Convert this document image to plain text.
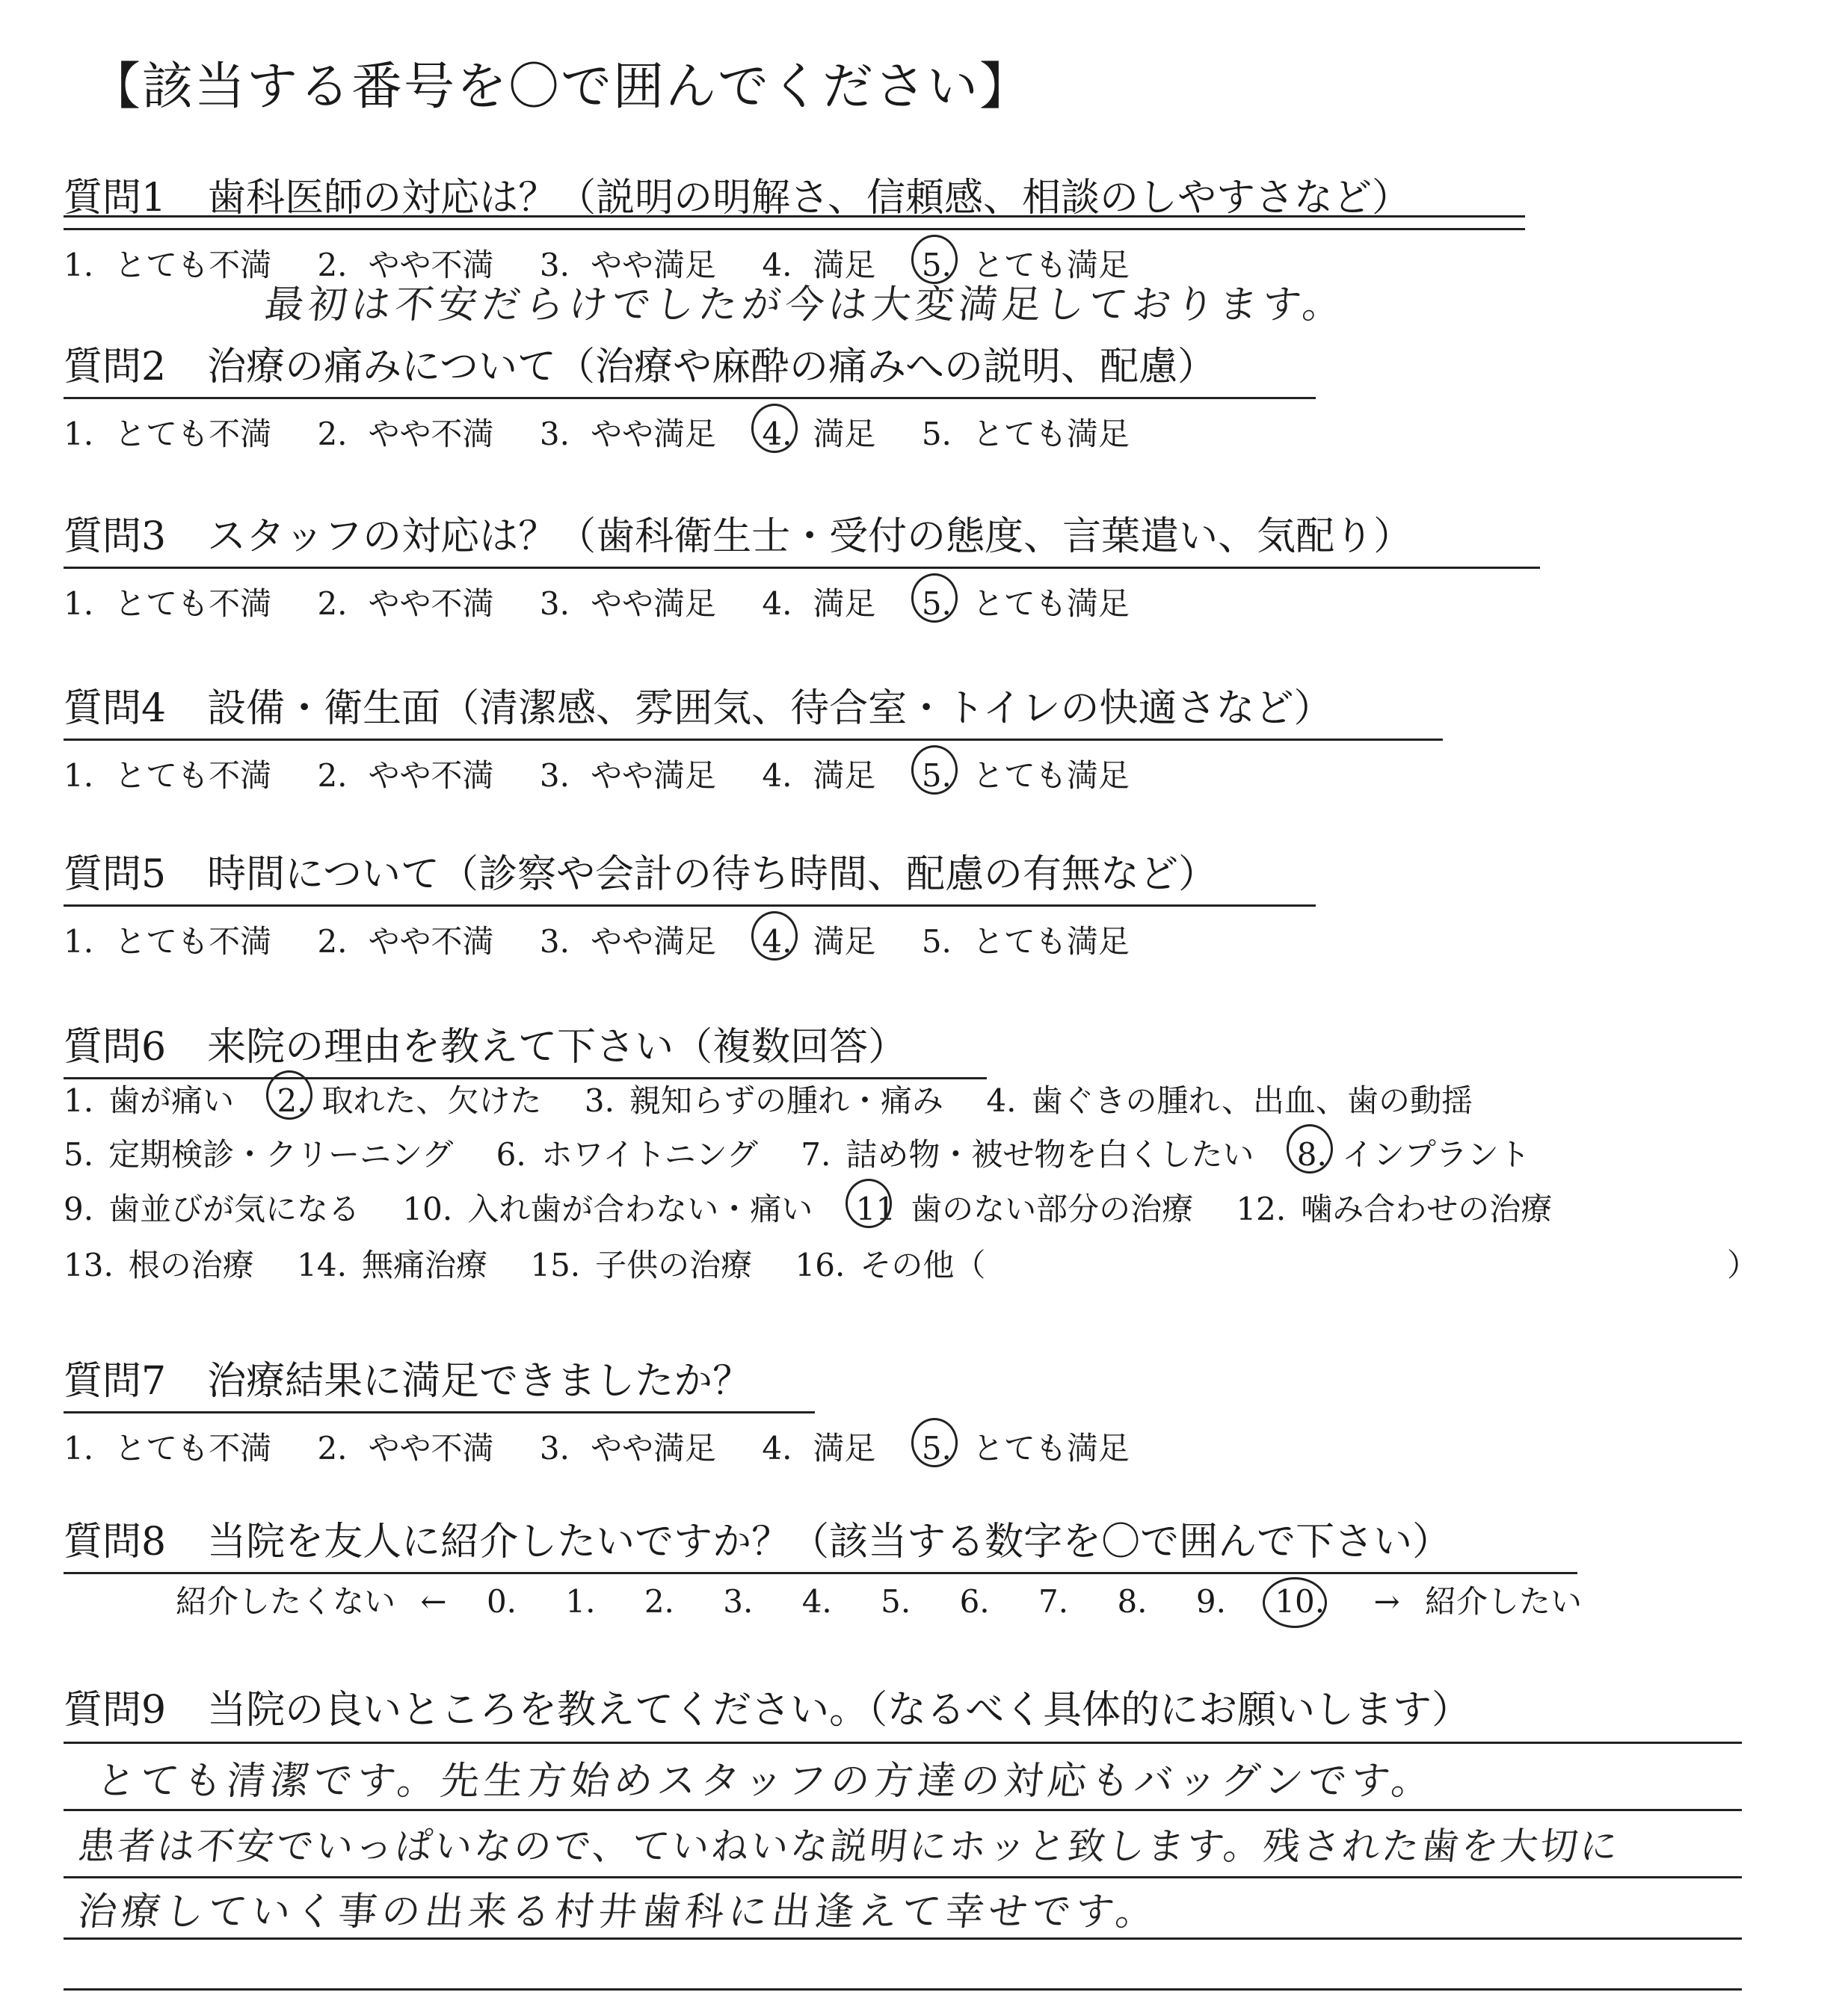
【該当する番号を〇で囲んでください】
質問1 歯科医師の対応は？（説明の明解さ、信頼感、相談のしやすさなど）
1. とても不満 2. やや不満 3. やや満足 4. 満足 5. とても満足
最初は不安だらけでしたが今は大変満足しております。
質問2 治療の痛みについて（治療や麻酔の痛みへの説明、配慮）
1. とても不満 2. やや不満 3. やや満足 4. 満足 5. とても満足
質問3 スタッフの対応は？（歯科衛生士・受付の態度、言葉遣い、気配り）
1. とても不満 2. やや不満 3. やや満足 4. 満足 5. とても満足
質問4 設備・衛生面（清潔感、雰囲気、待合室・トイレの快適さなど）
1. とても不満 2. やや不満 3. やや満足 4. 満足 5. とても満足
質問5 時間について（診察や会計の待ち時間、配慮の有無など）
1. とても不満 2. やや不満 3. やや満足 4. 満足 5. とても満足
質問6 来院の理由を教えて下さい（複数回答）
1. 歯が痛い 2. 取れた、欠けた 3. 親知らずの腫れ・痛み 4. 歯ぐきの腫れ、出血、歯の動揺
5. 定期検診・クリーニング 6. ホワイトニング 7. 詰め物・被せ物を白くしたい 8. インプラント
9. 歯並びが気になる 10. 入れ歯が合わない・痛い 11 歯のない部分の治療 12. 噛み合わせの治療
13. 根の治療 14. 無痛治療 15. 子供の治療 16. その他（	）
質問7 治療結果に満足できましたか？
1. とても不満 2. やや不満 3. やや満足 4. 満足 5. とても満足
質問8 当院を友人に紹介したいですか？（該当する数字を〇で囲んで下さい）
紹介したくない ← 0. 1. 2. 3. 4. 5. 6. 7. 8. 9. 10. → 紹介したい
質問9 当院の良いところを教えてください。（なるべく具体的にお願いします）
とても清潔です。先生方始めスタッフの方達の対応もバッグンです。
患者は不安でいっぱいなので、ていねいな説明にホッと致します。残された歯を大切に
治療していく事の出来る村井歯科に出逢えて幸せです。
